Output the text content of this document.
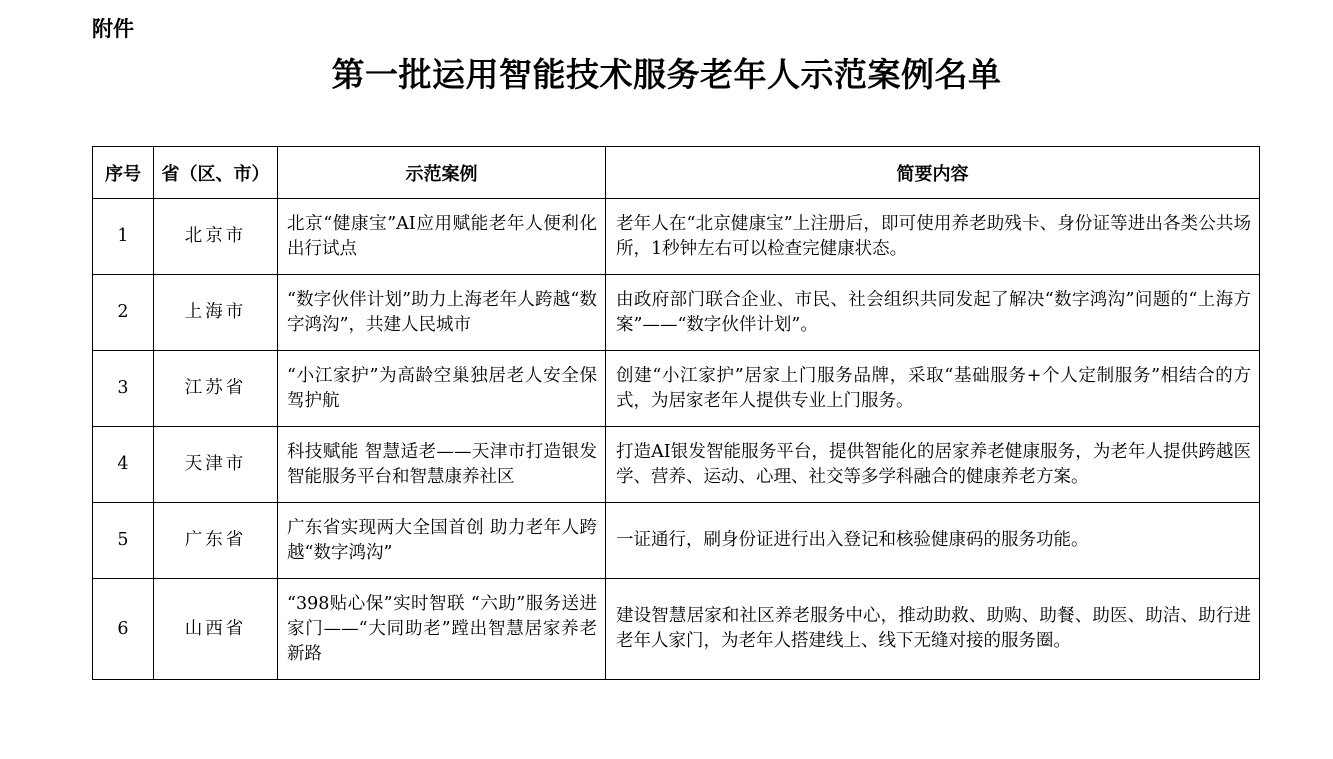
附件
第一批运用智能技术服务老年人示范案例名单
序号	省（区、市）	示范案例	简要内容
1	北京市	北京“健康宝”AI应用赋能老年人便利化出行试点	老年人在“北京健康宝”上注册后，即可使用养老助残卡、身份证等进出各类公共场所，1秒钟左右可以检查完健康状态。
2	上海市	“数字伙伴计划”助力上海老年人跨越“数字鸿沟”，共建人民城市	由政府部门联合企业、市民、社会组织共同发起了解决“数字鸿沟”问题的“上海方案”——“数字伙伴计划”。
3	江苏省	“小江家护”为高龄空巢独居老人安全保驾护航	创建“小江家护”居家上门服务品牌，采取“基础服务+个人定制服务”相结合的方式，为居家老年人提供专业上门服务。
4	天津市	科技赋能 智慧适老——天津市打造银发智能服务平台和智慧康养社区	打造AI银发智能服务平台，提供智能化的居家养老健康服务，为老年人提供跨越医学、营养、运动、心理、社交等多学科融合的健康养老方案。
5	广东省	广东省实现两大全国首创 助力老年人跨越“数字鸿沟”	一证通行，刷身份证进行出入登记和核验健康码的服务功能。
6	山西省	“398贴心保”实时智联 “六助”服务送进家门——“大同助老”蹚出智慧居家养老新路	建设智慧居家和社区养老服务中心，推动助救、助购、助餐、助医、助洁、助行进老年人家门，为老年人搭建线上、线下无缝对接的服务圈。
